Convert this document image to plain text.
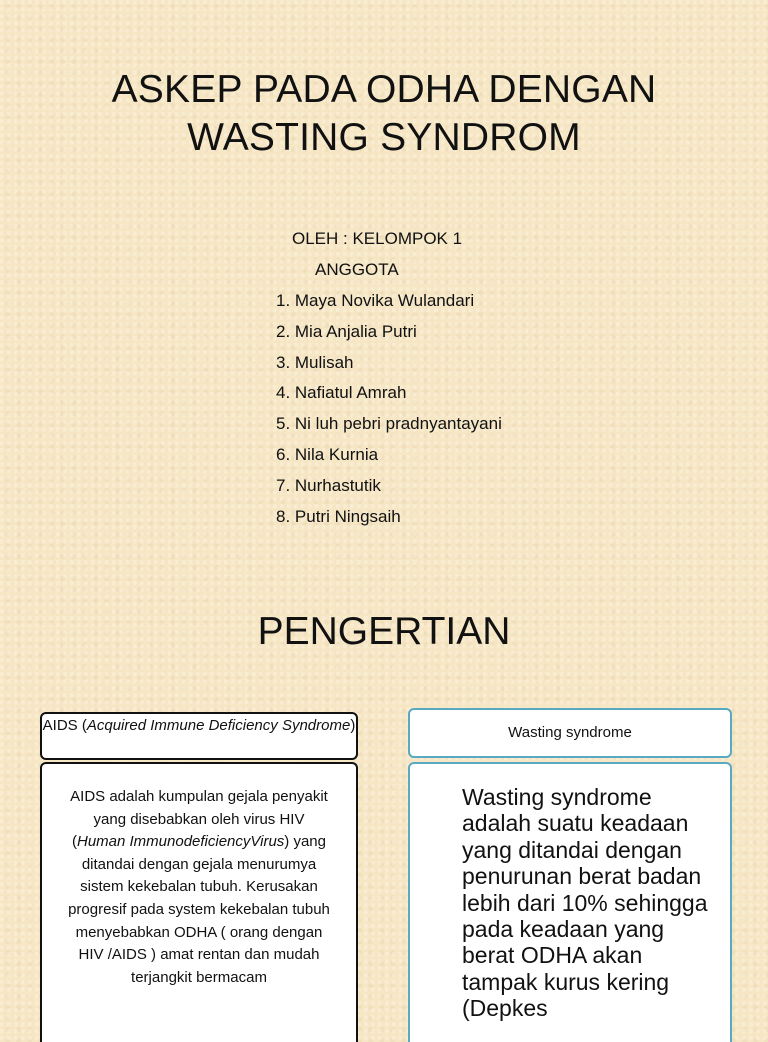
ASKEP PADA ODHA DENGAN
WASTING SYNDROM
OLEH : KELOMPOK 1
ANGGOTA
1. Maya Novika Wulandari
2. Mia Anjalia Putri
3. Mulisah
4. Nafiatul Amrah
5. Ni luh pebri pradnyantayani
6. Nila Kurnia
7. Nurhastutik
8. Putri Ningsaih
PENGERTIAN
AIDS (Acquired Immune Deficiency Syndrome)
AIDS adalah kumpulan gejala penyakit yang disebabkan oleh virus HIV (Human ImmunodeficiencyVirus) yang ditandai dengan gejala menurumya sistem kekebalan tubuh. Kerusakan progresif pada system kekebalan tubuh menyebabkan ODHA ( orang dengan HIV /AIDS ) amat rentan dan mudah terjangkit bermacam
Wasting syndrome
Wasting syndrome adalah suatu keadaan yang ditandai dengan penurunan berat badan lebih dari 10% sehingga pada keadaan yang berat ODHA akan tampak kurus kering (Depkes
